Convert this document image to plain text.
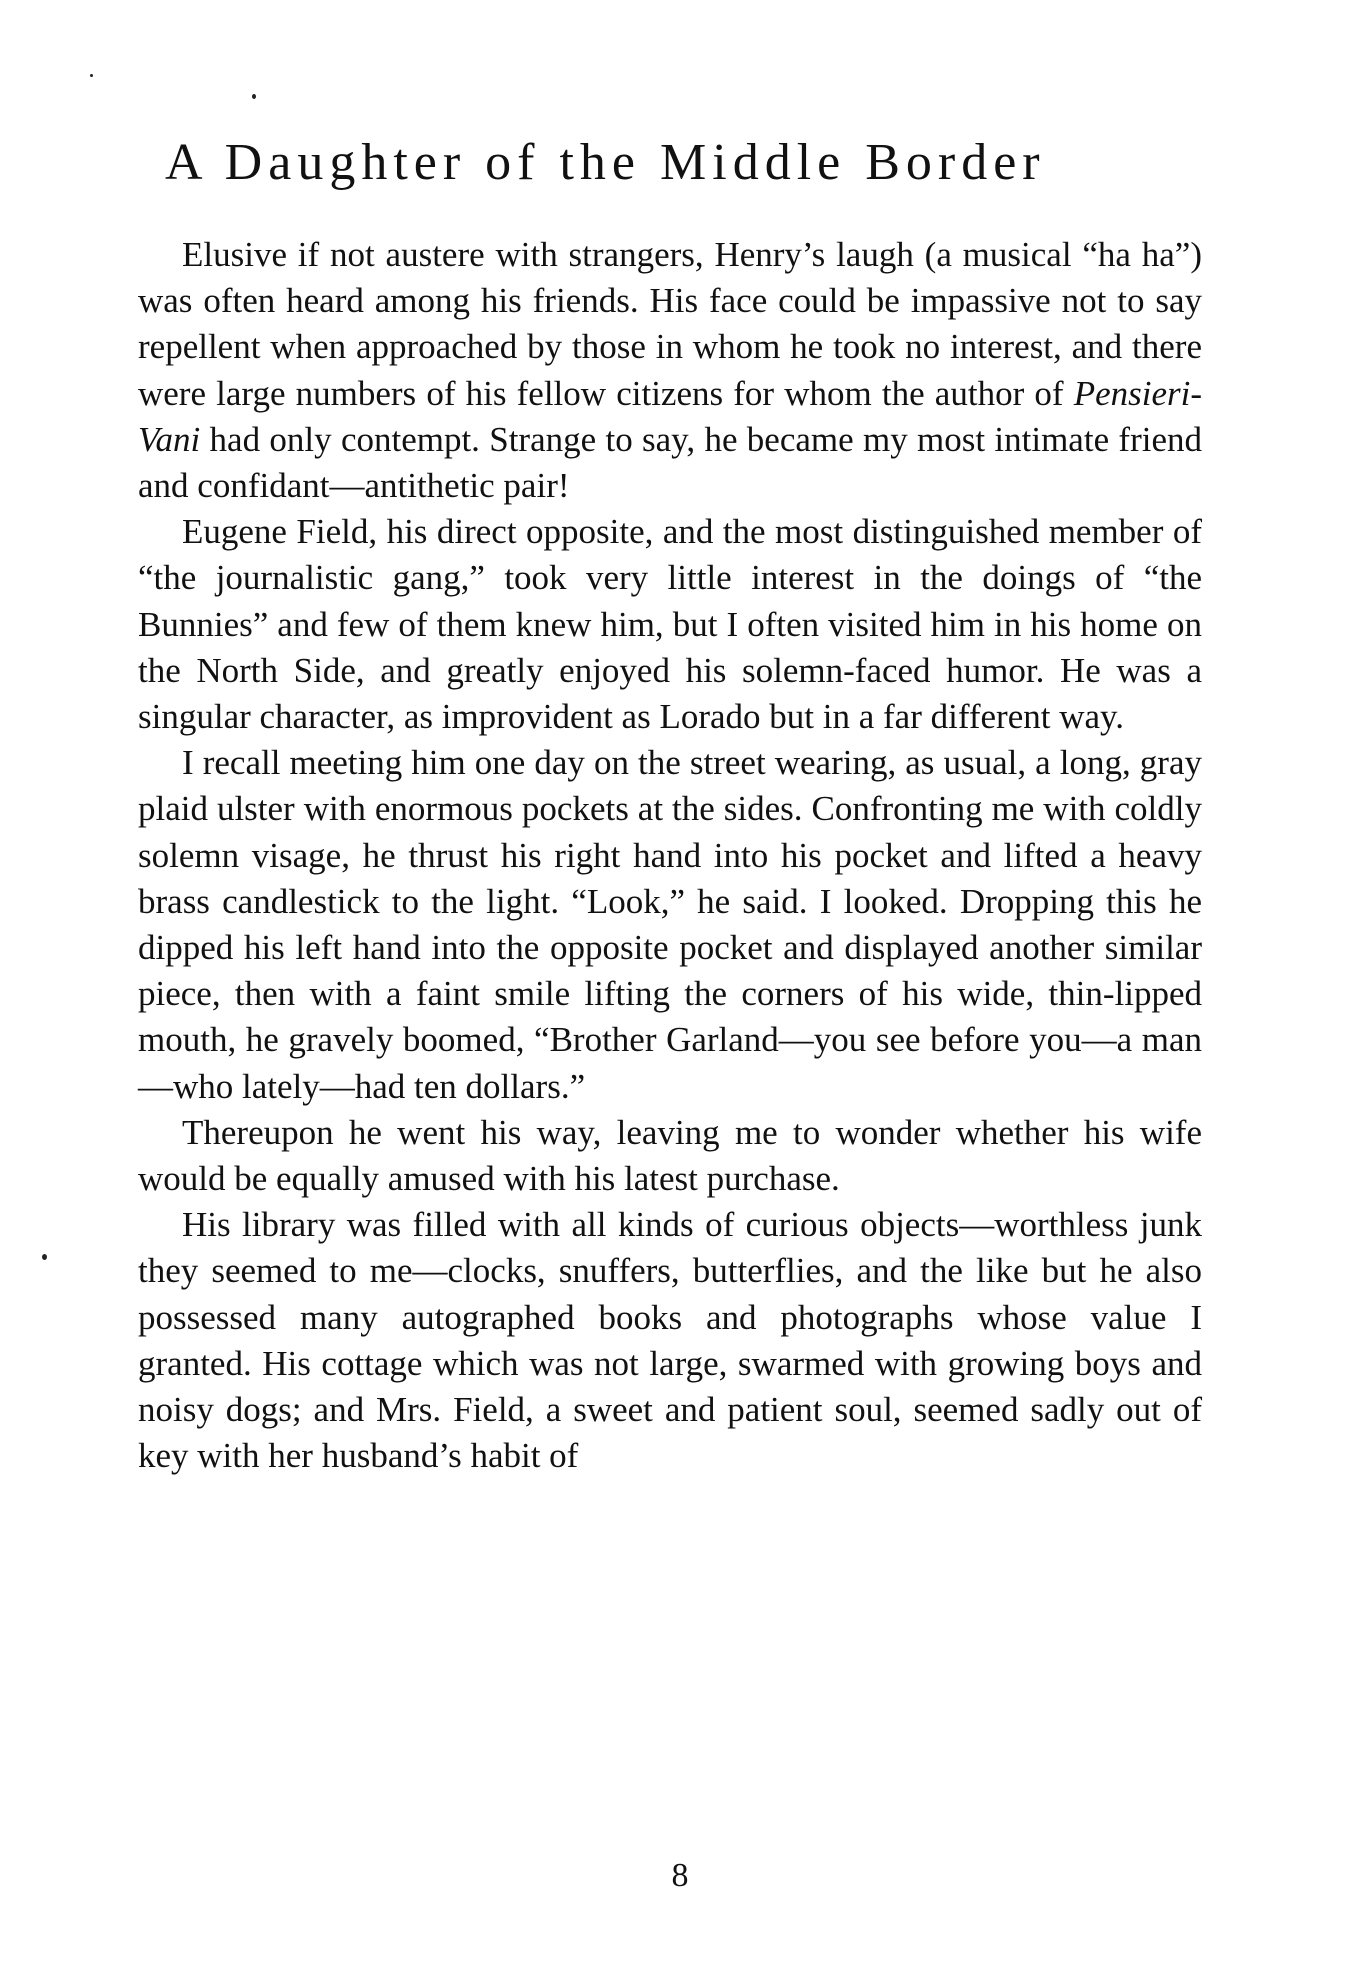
A Daughter of the Middle Border

Elusive if not austere with strangers, Henry’s laugh (a musical “ha ha”) was often heard among his friends. His face could be impassive not to say repellent when approached by those in whom he took no interest, and there were large numbers of his fellow citizens for whom the author of Pensieri-Vani had only contempt. Strange to say, he became my most intimate friend and confidant—antithetic pair!

Eugene Field, his direct opposite, and the most distinguished member of “the journalistic gang,” took very little interest in the doings of “the Bunnies” and few of them knew him, but I often visited him in his home on the North Side, and greatly enjoyed his solemn-faced humor. He was a singular character, as improvident as Lorado but in a far different way.

I recall meeting him one day on the street wearing, as usual, a long, gray plaid ulster with enormous pockets at the sides. Confronting me with coldly solemn visage, he thrust his right hand into his pocket and lifted a heavy brass candlestick to the light. “Look,” he said. I looked. Dropping this he dipped his left hand into the opposite pocket and displayed another similar piece, then with a faint smile lifting the corners of his wide, thin-lipped mouth, he gravely boomed, “Brother Garland—you see before you—a man—who lately—had ten dollars.”

Thereupon he went his way, leaving me to wonder whether his wife would be equally amused with his latest purchase.

His library was filled with all kinds of curious objects—worthless junk they seemed to me—clocks, snuffers, butterflies, and the like but he also possessed many autographed books and photographs whose value I granted. His cottage which was not large, swarmed with growing boys and noisy dogs; and Mrs. Field, a sweet and patient soul, seemed sadly out of key with her husband’s habit of

8
